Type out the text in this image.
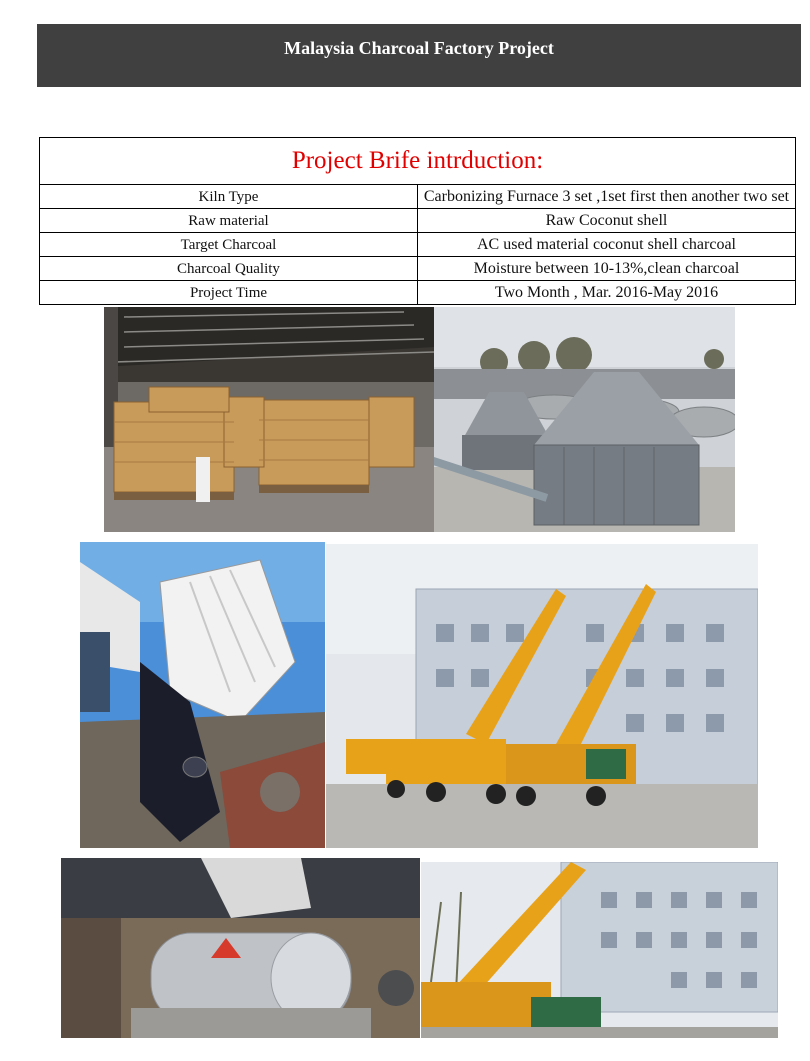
Malaysia Charcoal Factory Project
Project Brife intrduction:	
Kiln Type	Carbonizing Furnace 3 set ,1set first then another two set
Raw material	Raw Coconut shell
Target Charcoal	AC used material coconut shell charcoal
Charcoal Quality	Moisture between 10-13%,clean charcoal
Project Time	Two Month , Mar. 2016-May 2016
